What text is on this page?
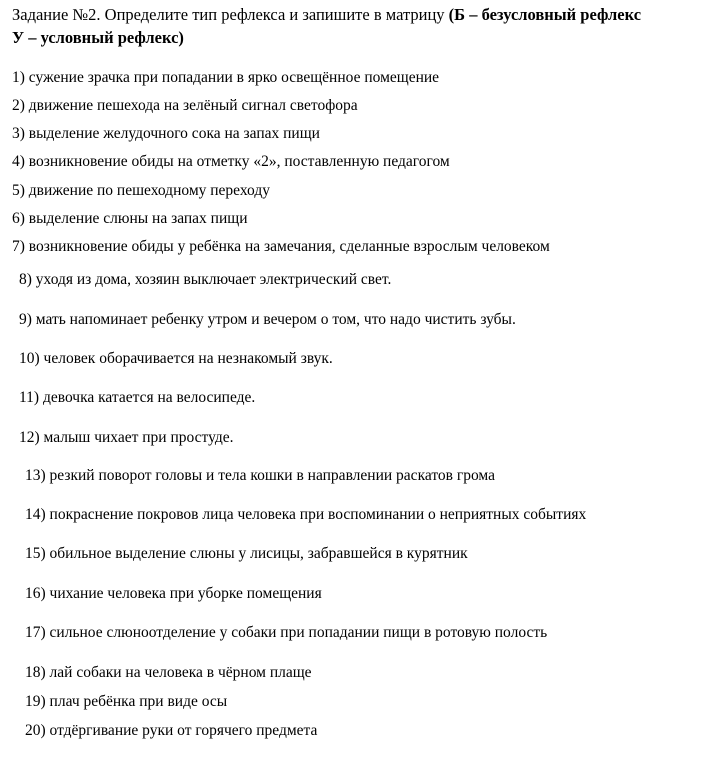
Задание №2. Определите тип рефлекса и запишите в матрицу (Б – безусловный рефлекс
У – условный рефлекс)
1) сужение зрачка при попадании в ярко освещённое помещение
2) движение пешехода на зелёный сигнал светофора
3) выделение желудочного сока на запах пищи
4) возникновение обиды на отметку «2», поставленную педагогом
5) движение по пешеходному переходу
6) выделение слюны на запах пищи
7) возникновение обиды у ребёнка на замечания, сделанные взрослым человеком
8) уходя из дома, хозяин выключает электрический свет.
9) мать напоминает ребенку утром и вечером о том, что надо чистить зубы.
10) человек оборачивается на незнакомый звук.
11) девочка катается на велосипеде.
12) малыш чихает при простуде.
13) резкий поворот головы и тела кошки в направлении раскатов грома
14) покраснение покровов лица человека при воспоминании о неприятных событиях
15) обильное выделение слюны у лисицы, забравшейся в курятник
16) чихание человека при уборке помещения
17) сильное слюноотделение у собаки при попадании пищи в ротовую полость
18) лай собаки на человека в чёрном плаще
19) плач ребёнка при виде осы
20) отдёргивание руки от горячего предмета
